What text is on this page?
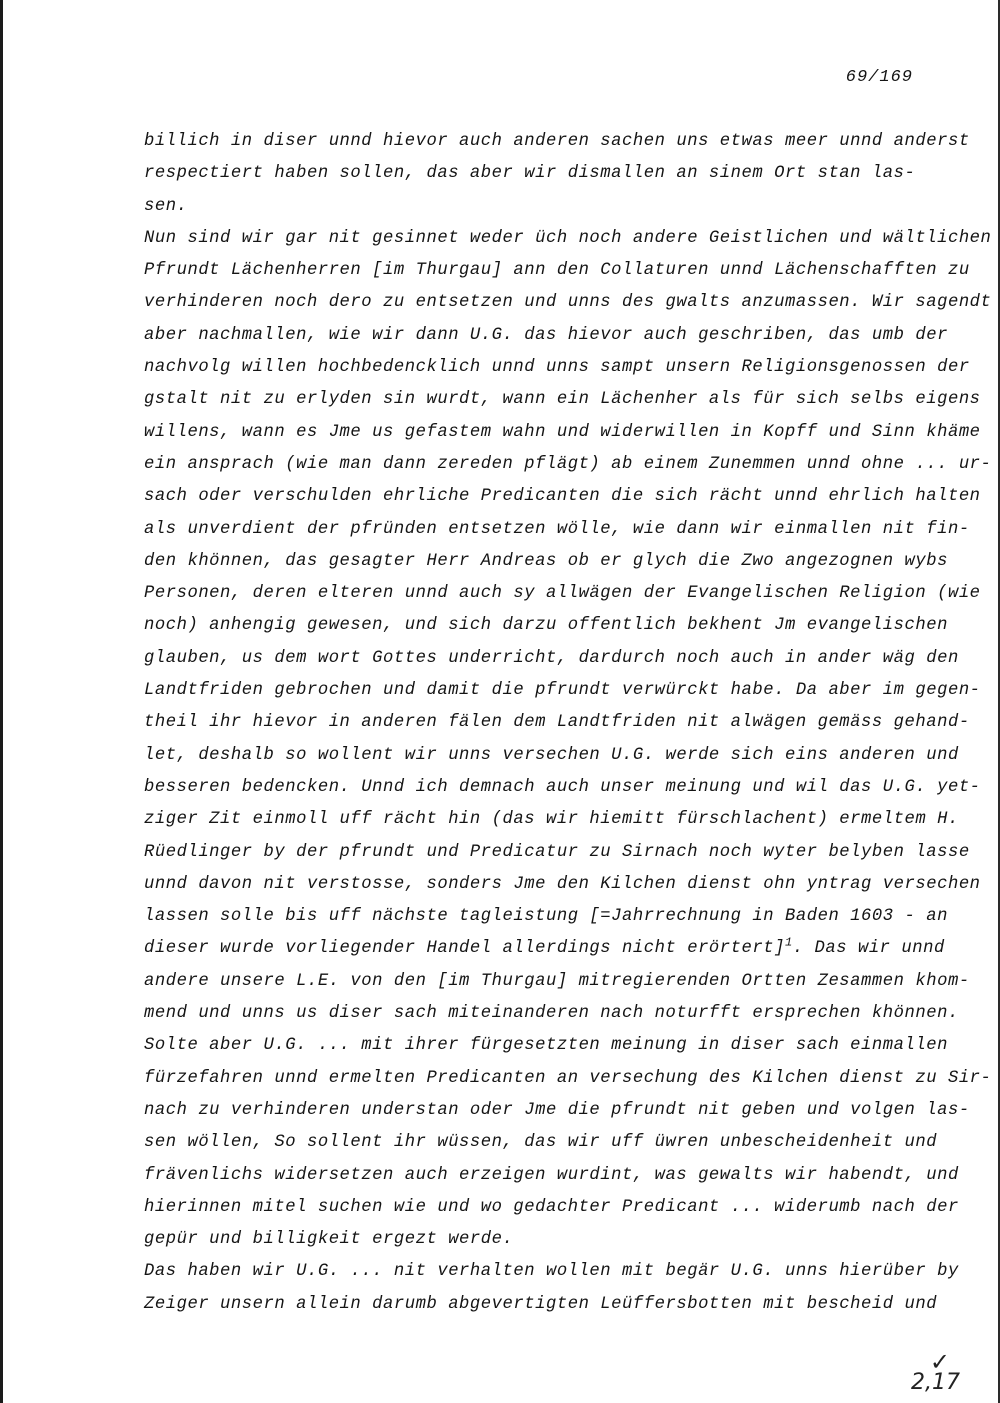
69/169
billich in diser unnd hievor auch anderen sachen uns etwas meer unnd anderst
respectiert haben sollen, das aber wir dismallen an sinem Ort stan las-
sen.
Nun sind wir gar nit gesinnet weder üch noch andere Geistlichen und wältlichen
Pfrundt Lächenherren [im Thurgau] ann den Collaturen unnd Lächenschafften zu
verhinderen noch dero zu entsetzen und unns des gwalts anzumassen. Wir sagendt
aber nachmallen, wie wir dann U.G. das hievor auch geschriben, das umb der
nachvolg willen hochbedencklich unnd unns sampt unsern Religionsgenossen der
gstalt nit zu erlyden sin wurdt, wann ein Lächenher als für sich selbs eigens
willens, wann es Jme us gefastem wahn und widerwillen in Kopff und Sinn khäme
ein ansprach (wie man dann zereden pflägt) ab einem Zunemmen unnd ohne ... ur-
sach oder verschulden ehrliche Predicanten die sich rächt unnd ehrlich halten
als unverdient der pfründen entsetzen wölle, wie dann wir einmallen nit fin-
den khönnen, das gesagter Herr Andreas ob er glych die Zwo angezognen wybs
Personen, deren elteren unnd auch sy allwägen der Evangelischen Religion (wie
noch) anhengig gewesen, und sich darzu offentlich bekhent Jm evangelischen
glauben, us dem wort Gottes underricht, dardurch noch auch in ander wäg den
Landtfriden gebrochen und damit die pfrundt verwürckt habe. Da aber im gegen-
theil ihr hievor in anderen fälen dem Landtfriden nit alwägen gemäss gehand-
let, deshalb so wollent wir unns versechen U.G. werde sich eins anderen und
besseren bedencken. Unnd ich demnach auch unser meinung und wil das U.G. yet-
ziger Zit einmoll uff rächt hin (das wir hiemitt fürschlachent) ermeltem H.
Rüedlinger by der pfrundt und Predicatur zu Sirnach noch wyter belyben lasse
unnd davon nit verstosse, sonders Jme den Kilchen dienst ohn yntrag versechen
lassen solle bis uff nächste tagleistung [=Jahrrechnung in Baden 1603 - an
dieser wurde vorliegender Handel allerdings nicht erörtert]$^1$. Das wir unnd
andere unsere L.E. von den [im Thurgau] mitregierenden Ortten Zesammen khom-
mend und unns us diser sach miteinanderen nach noturfft ersprechen khönnen.
Solte aber U.G. ... mit ihrer fürgesetzten meinung in diser sach einmallen
fürzefahren unnd ermelten Predicanten an versechung des Kilchen dienst zu Sir-
nach zu verhinderen understan oder Jme die pfrundt nit geben und volgen las-
sen wöllen, So sollent ihr wüssen, das wir uff üwren unbescheidenheit und
frävenlichs widersetzen auch erzeigen wurdint, was gewalts wir habendt, und
hierinnen mitel suchen wie und wo gedachter Predicant ... widerumb nach der
gepür und billigkeit ergezt werde.
Das haben wir U.G. ... nit verhalten wollen mit begär U.G. unns hierüber by
Zeiger unsern allein darumb abgevertigten Leüffersbotten mit bescheid und
✓
2,17
